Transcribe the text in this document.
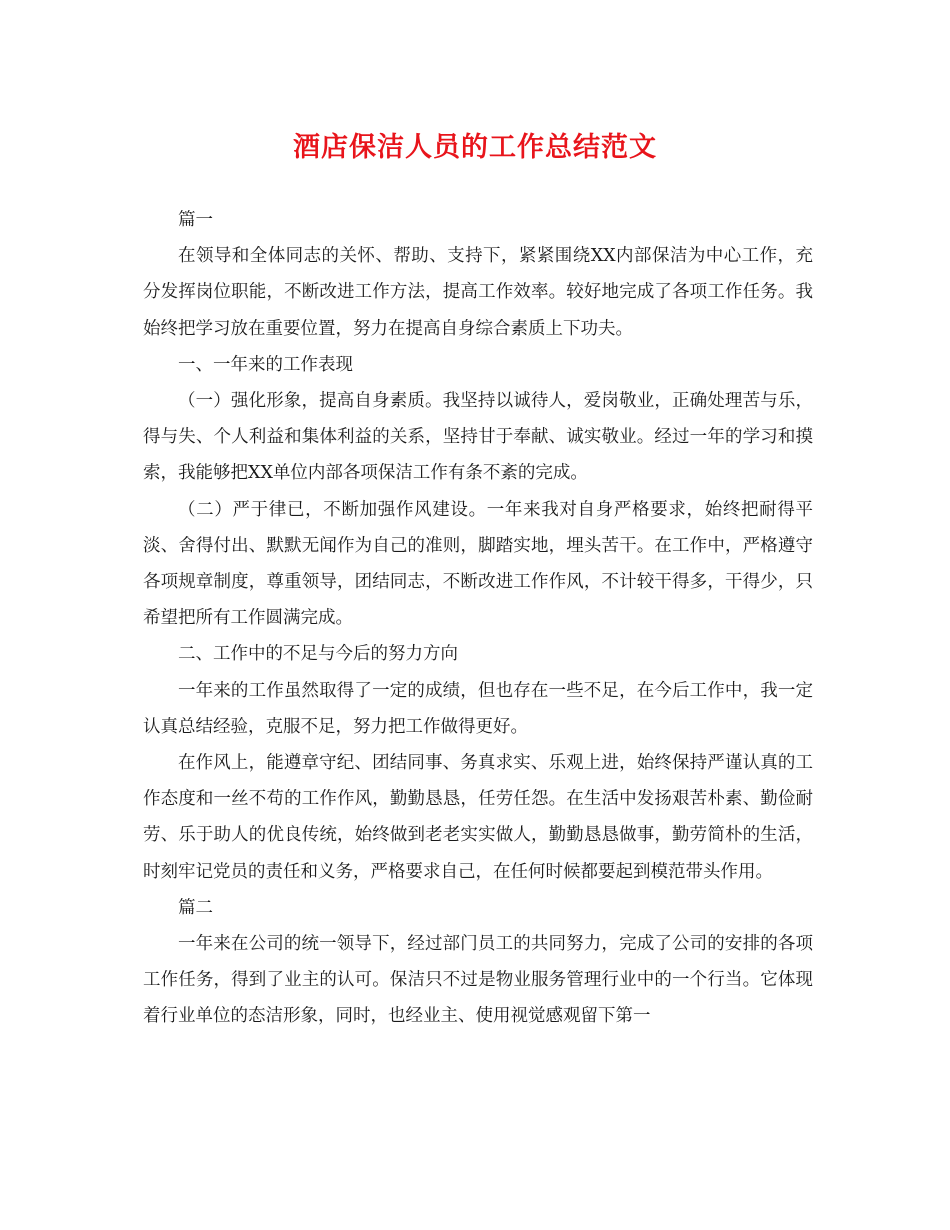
酒店保洁人员的工作总结范文

篇一

在领导和全体同志的关怀、帮助、支持下，紧紧围绕XX内部保洁为中心工作，充分发挥岗位职能，不断改进工作方法，提高工作效率。较好地完成了各项工作任务。我始终把学习放在重要位置，努力在提高自身综合素质上下功夫。

一、一年来的工作表现

（一）强化形象，提高自身素质。我坚持以诚待人，爱岗敬业，正确处理苦与乐，得与失、个人利益和集体利益的关系，坚持甘于奉献、诚实敬业。经过一年的学习和摸索，我能够把XX单位内部各项保洁工作有条不紊的完成。

（二）严于律已，不断加强作风建设。一年来我对自身严格要求，始终把耐得平淡、舍得付出、默默无闻作为自己的准则，脚踏实地，埋头苦干。在工作中，严格遵守各项规章制度，尊重领导，团结同志，不断改进工作作风，不计较干得多，干得少，只希望把所有工作圆满完成。

二、工作中的不足与今后的努力方向

一年来的工作虽然取得了一定的成绩，但也存在一些不足，在今后工作中，我一定认真总结经验，克服不足，努力把工作做得更好。

在作风上，能遵章守纪、团结同事、务真求实、乐观上进，始终保持严谨认真的工作态度和一丝不苟的工作作风，勤勤恳恳，任劳任怨。在生活中发扬艰苦朴素、勤俭耐劳、乐于助人的优良传统，始终做到老老实实做人，勤勤恳恳做事，勤劳简朴的生活，时刻牢记党员的责任和义务，严格要求自己，在任何时候都要起到模范带头作用。

篇二

一年来在公司的统一领导下，经过部门员工的共同努力，完成了公司的安排的各项工作任务，得到了业主的认可。保洁只不过是物业服务管理行业中的一个行当。它体现着行业单位的态洁形象，同时，也经业主、使用视觉感观留下第一
